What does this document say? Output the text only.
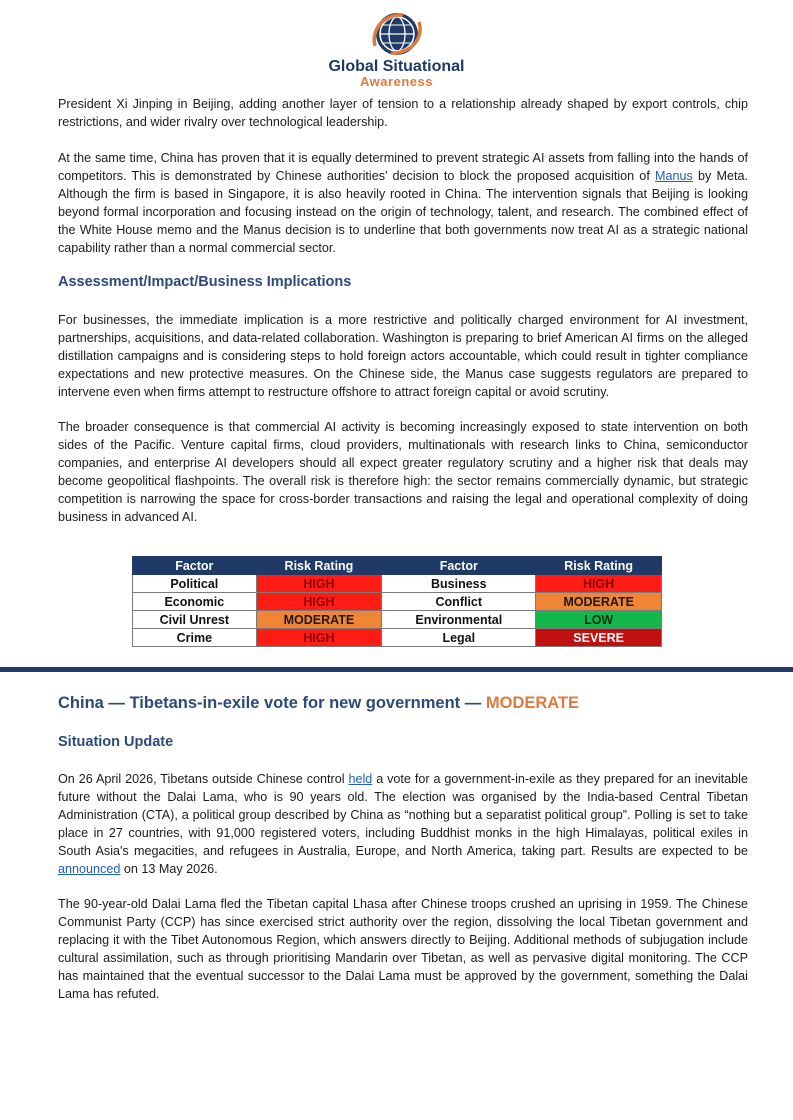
Global Situational
Awareness

President Xi Jinping in Beijing, adding another layer of tension to a relationship already shaped by export controls, chip restrictions, and wider rivalry over technological leadership.

At the same time, China has proven that it is equally determined to prevent strategic AI assets from falling into the hands of competitors. This is demonstrated by Chinese authorities’ decision to block the proposed acquisition of Manus by Meta. Although the firm is based in Singapore, it is also heavily rooted in China. The intervention signals that Beijing is looking beyond formal incorporation and focusing instead on the origin of technology, talent, and research. The combined effect of the White House memo and the Manus decision is to underline that both governments now treat AI as a strategic national capability rather than a normal commercial sector.

Assessment/Impact/Business Implications

For businesses, the immediate implication is a more restrictive and politically charged environment for AI investment, partnerships, acquisitions, and data-related collaboration. Washington is preparing to brief American AI firms on the alleged distillation campaigns and is considering steps to hold foreign actors accountable, which could result in tighter compliance expectations and new protective measures. On the Chinese side, the Manus case suggests regulators are prepared to intervene even when firms attempt to restructure offshore to attract foreign capital or avoid scrutiny.

The broader consequence is that commercial AI activity is becoming increasingly exposed to state intervention on both sides of the Pacific. Venture capital firms, cloud providers, multinationals with research links to China, semiconductor companies, and enterprise AI developers should all expect greater regulatory scrutiny and a higher risk that deals may become geopolitical flashpoints. The overall risk is therefore high: the sector remains commercially dynamic, but strategic competition is narrowing the space for cross-border transactions and raising the legal and operational complexity of doing business in advanced AI.

Factor	Risk Rating	Factor	Risk Rating
Political	HIGH	Business	HIGH
Economic	HIGH	Conflict	MODERATE
Civil Unrest	MODERATE	Environmental	LOW
Crime	HIGH	Legal	SEVERE
China — Tibetans-in-exile vote for new government — MODERATE
Situation Update

On 26 April 2026, Tibetans outside Chinese control held a vote for a government-in-exile as they prepared for an inevitable future without the Dalai Lama, who is 90 years old. The election was organised by the India-based Central Tibetan Administration (CTA), a political group described by China as “nothing but a separatist political group”. Polling is set to take place in 27 countries, with 91,000 registered voters, including Buddhist monks in the high Himalayas, political exiles in South Asia's megacities, and refugees in Australia, Europe, and North America, taking part. Results are expected to be announced on 13 May 2026.

The 90-year-old Dalai Lama fled the Tibetan capital Lhasa after Chinese troops crushed an uprising in 1959. The Chinese Communist Party (CCP) has since exercised strict authority over the region, dissolving the local Tibetan government and replacing it with the Tibet Autonomous Region, which answers directly to Beijing. Additional methods of subjugation include cultural assimilation, such as through prioritising Mandarin over Tibetan, as well as pervasive digital monitoring. The CCP has maintained that the eventual successor to the Dalai Lama must be approved by the government, something the Dalai Lama has refuted.
